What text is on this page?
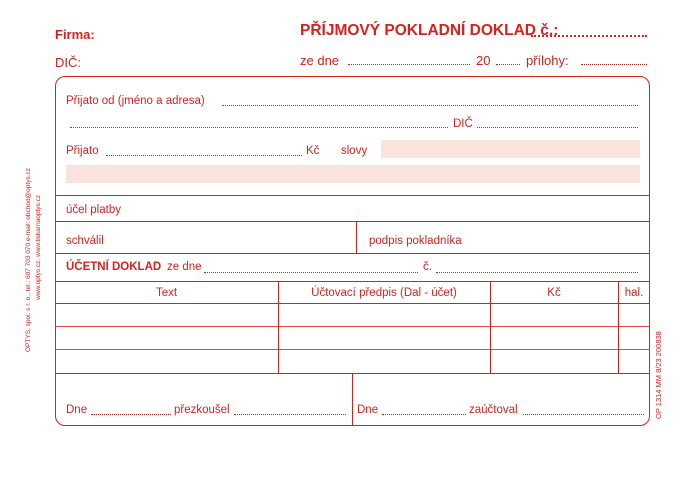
Firma:	PŘÍJMOVÝ POKLADNÍ DOKLAD č.:
DIČ:	ze dne	20	přílohy:
Přijato od (jméno a adresa)
DIČ
Přijato	Kč slovy
účel platby
schválil	podpis pokladníka
ÚČETNÍ DOKLAD ze dne	č.
Text	Účtovací předpis (Dal - účet)	Kč	hal.
Dne	přezkoušel	Dne	zaúčtoval
OPTYS, spol. s r. o., tel.: 607 703 070 e-mail: obchod@optys.cz www.optys.cz, www.tiskarnaoptys.cz
OP 1314 MM 8/23 200838
